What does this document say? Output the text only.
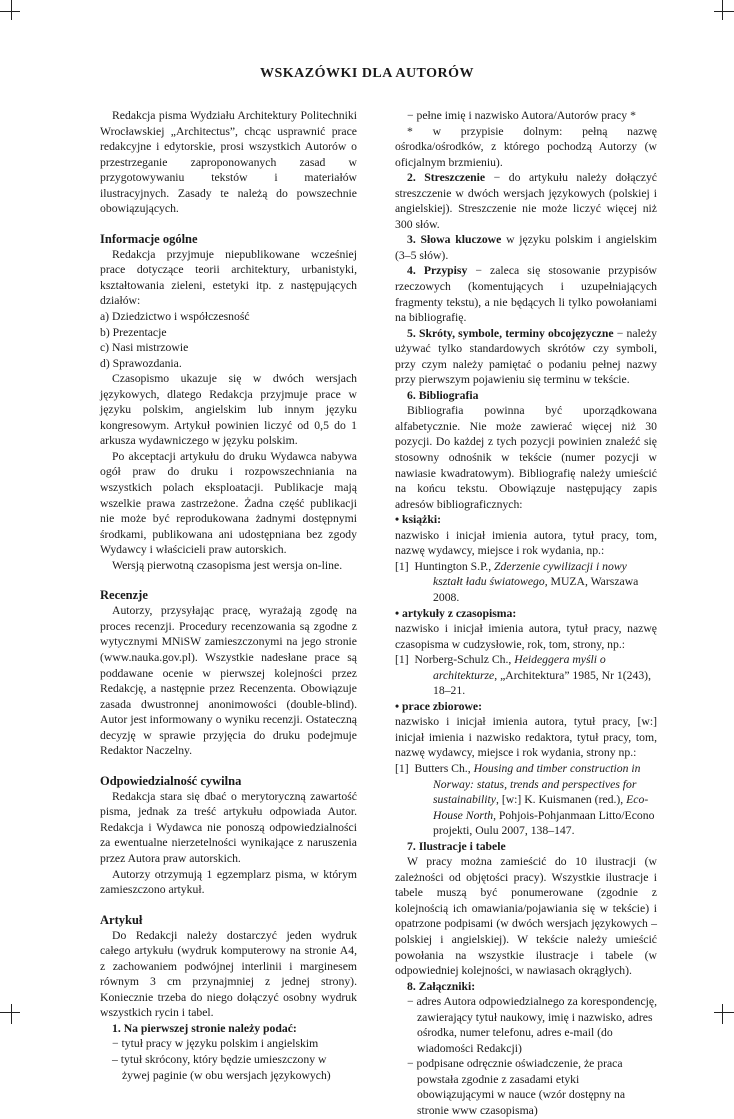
WSKAZÓWKI DLA AUTORÓW

Redakcja pisma Wydziału Architektury Politechniki Wrocławskiej „Architectus”, chcąc usprawnić prace redakcyjne i edytorskie, prosi wszystkich Autorów o przestrzeganie zaproponowanych zasad w przygotowywaniu tekstów i materiałów ilustracyjnych. Zasady te należą do powszechnie obowiązujących.

Informacje ogólne

Redakcja przyjmuje niepublikowane wcześniej prace dotyczące teorii architektury, urbanistyki, kształtowania zieleni, estetyki itp. z następujących działów:

a) Dziedzictwo i współczesność

b) Prezentacje

c) Nasi mistrzowie

d) Sprawozdania.

Czasopismo ukazuje się w dwóch wersjach językowych, dlatego Redakcja przyjmuje prace w języku polskim, angielskim lub innym języku kongresowym. Artykuł powinien liczyć od 0,5 do 1 arkusza wydawniczego w języku polskim.

Po akceptacji artykułu do druku Wydawca nabywa ogół praw do druku i rozpowszechniania na wszystkich polach eksploatacji. Publikacje mają wszelkie prawa zastrzeżone. Żadna część publikacji nie może być reprodukowana żadnymi dostępnymi środkami, publikowana ani udostępniana bez zgody Wydawcy i właścicieli praw autorskich.

Wersją pierwotną czasopisma jest wersja on-line.

Recenzje

Autorzy, przysyłając pracę, wyrażają zgodę na proces recenzji. Procedury recenzowania są zgodne z wytycznymi MNiSW zamieszczonymi na jego stronie (www.nauka.gov.pl). Wszystkie nadesłane prace są poddawane ocenie w pierwszej kolejności przez Redakcję, a następnie przez Recenzenta. Obowiązuje zasada dwustronnej anonimowości (double-blind). Autor jest informowany o wyniku recenzji. Ostateczną decyzję w sprawie przyjęcia do druku podejmuje Redaktor Naczelny.

Odpowiedzialność cywilna

Redakcja stara się dbać o merytoryczną zawartość pisma, jednak za treść artykułu odpowiada Autor. Redakcja i Wydawca nie ponoszą odpowiedzialności za ewentualne nierzetelności wynikające z naruszenia przez Autora praw autorskich.

Autorzy otrzymują 1 egzemplarz pisma, w którym zamieszczono artykuł.

Artykuł

Do Redakcji należy dostarczyć jeden wydruk całego artykułu (wydruk komputerowy na stronie A4, z zachowaniem podwójnej interlinii i marginesem równym 3 cm przynajmniej z jednej strony). Koniecznie trzeba do niego dołączyć osobny wydruk wszystkich rycin i tabel.

1. Na pierwszej stronie należy podać:

− tytuł pracy w języku polskim i angielskim

– tytuł skrócony, który będzie umieszczony w żywej paginie (w obu wersjach językowych)

− pełne imię i nazwisko Autora/Autorów pracy *

* w przypisie dolnym: pełną nazwę ośrodka/ośrodków, z którego pochodzą Autorzy (w oficjalnym brzmieniu).

2. Streszczenie − do artykułu należy dołączyć streszczenie w dwóch wersjach językowych (polskiej i angielskiej). Streszczenie nie może liczyć więcej niż 300 słów.

3. Słowa kluczowe w języku polskim i angielskim (3–5 słów).

4. Przypisy − zaleca się stosowanie przypisów rzeczowych (komentujących i uzupełniających fragmenty tekstu), a nie będących li tylko powołaniami na bibliografię.

5. Skróty, symbole, terminy obcojęzyczne − należy używać tylko standardowych skrótów czy symboli, przy czym należy pamiętać o podaniu pełnej nazwy przy pierwszym pojawieniu się terminu w tekście.

6. Bibliografia

Bibliografia powinna być uporządkowana alfabetycznie. Nie może zawierać więcej niż 30 pozycji. Do każdej z tych pozycji powinien znaleźć się stosowny odnośnik w tekście (numer pozycji w nawiasie kwadratowym). Bibliografię należy umieścić na końcu tekstu. Obowiązuje następujący zapis adresów bibliograficznych:

• książki:

nazwisko i inicjał imienia autora, tytuł pracy, tom, nazwę wydawcy, miejsce i rok wydania, np.:

[1] Huntington S.P., Zderzenie cywilizacji i nowy kształt ładu światowego, MUZA, Warszawa 2008.

• artykuły z czasopisma:

nazwisko i inicjał imienia autora, tytuł pracy, nazwę czasopisma w cudzysłowie, rok, tom, strony, np.:

[1] Norberg-Schulz Ch., Heideggera myśli o architekturze, „Architektura” 1985, Nr 1(243), 18–21.

• prace zbiorowe:

nazwisko i inicjał imienia autora, tytuł pracy, [w:] inicjał imienia i nazwisko redaktora, tytuł pracy, tom, nazwę wydawcy, miejsce i rok wydania, strony np.:

[1] Butters Ch., Housing and timber construction in Norway: status, trends and perspectives for sustainability, [w:] K. Kuismanen (red.), Eco-House North, Pohjois-Pohjanmaan Litto/Econo projekti, Oulu 2007, 138–147.

7. Ilustracje i tabele

W pracy można zamieścić do 10 ilustracji (w zależności od objętości pracy). Wszystkie ilustracje i tabele muszą być ponumerowane (zgodnie z kolejnością ich omawiania/pojawiania się w tekście) i opatrzone podpisami (w dwóch wersjach językowych – polskiej i angielskiej). W tekście należy umieścić powołania na wszystkie ilustracje i tabele (w odpowiedniej kolejności, w nawiasach okrągłych).

8. Załączniki:

− adres Autora odpowiedzialnego za korespondencję, zawierający tytuł naukowy, imię i nazwisko, adres ośrodka, numer telefonu, adres e-mail (do wiadomości Redakcji)

− podpisane odręcznie oświadczenie, że praca powstała zgodnie z zasadami etyki obowiązującymi w nauce (wzór dostępny na stronie www czasopisma)
